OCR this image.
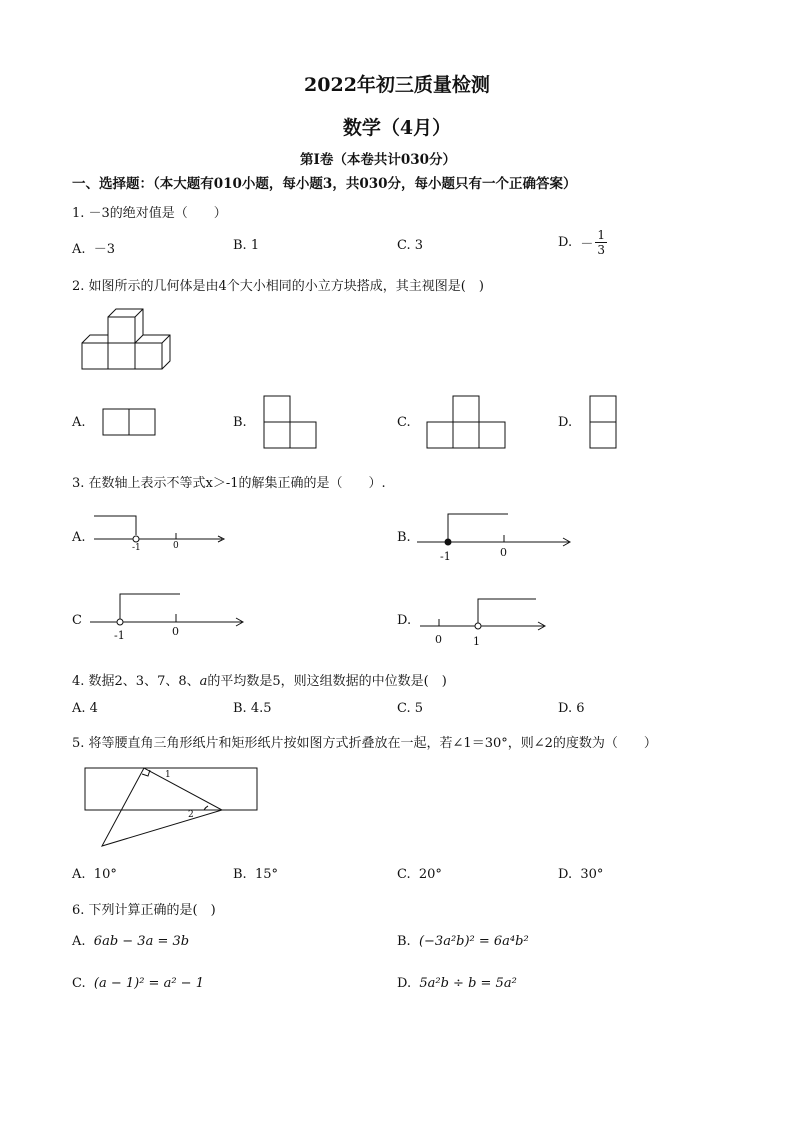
2022年初三质量检测
数学（4月）
第Ⅰ卷（本卷共计030分）
一、选择题：（本大题有010小题，每小题3，共030分，每小题只有一个正确答案）
1. －3的绝对值是（　　）
A. －3	B. 1	C. 3	D. － $\frac{1}{3}$
2. 如图所示的几何体是由4个大小相同的小立方块搭成，其主视图是(　)
A.	B.	C.	D.
3. 在数轴上表示不等式x＞-1的解集正确的是（　　）.
A.
-1	0
B.
-1	0
C
-1	0
D.
0	1
4. 数据2、3、7、8、a的平均数是5，则这组数据的中位数是(　)
A. 4	B. 4.5	C. 5	D. 6
5. 将等腰直角三角形纸片和矩形纸片按如图方式折叠放在一起，若∠1＝30°，则∠2的度数为（　　）
1
2
A. 10°	B. 15°	C. 20°	D. 30°
6. 下列计算正确的是(　)
A. 6ab − 3a = 3b	B. (−3a²b)² = 6a⁴b²
C. (a − 1)² = a² − 1	D. 5a²b ÷ b = 5a²
